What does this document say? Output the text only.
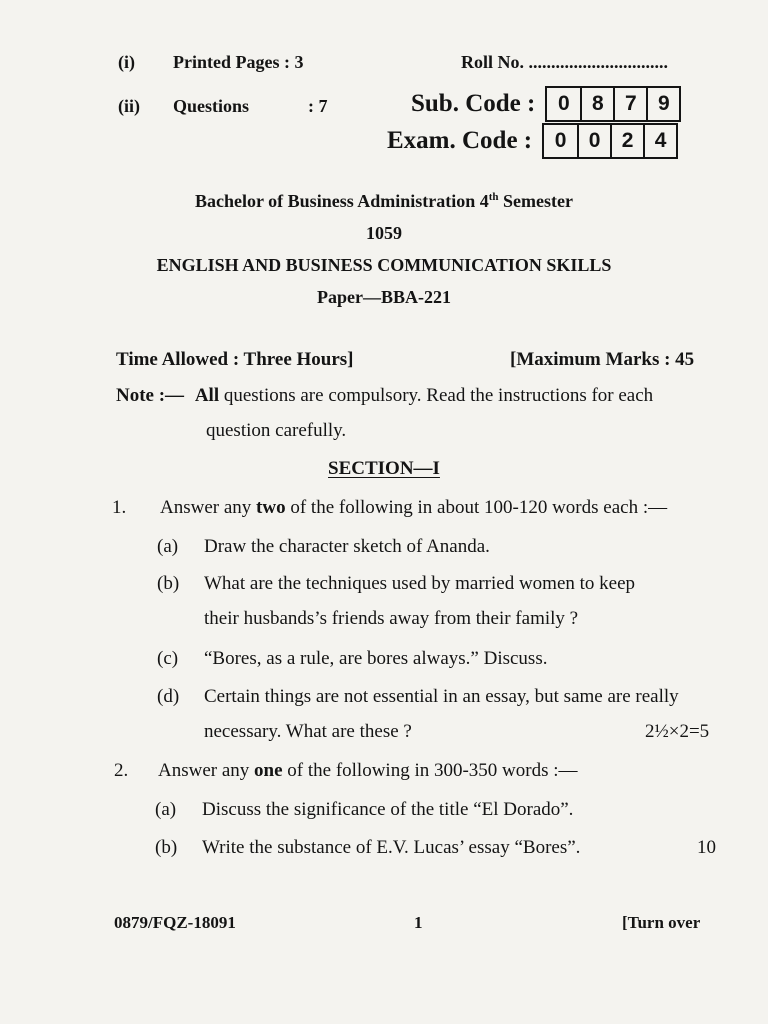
(i) Printed Pages : 3	Roll No. ...............................
(ii) Questions	: 7	Sub. Code :	0	8	7	9
Exam. Code :	0	0	2	4
Bachelor of Business Administration 4th Semester
1059
ENGLISH AND BUSINESS COMMUNICATION SKILLS
Paper—BBA-221
Time Allowed : Three Hours]	[Maximum Marks : 45
Note :— All questions are compulsory. Read the instructions for each
question carefully.
SECTION—I
1. Answer any two of the following in about 100-120 words each :—
(a) Draw the character sketch of Ananda.
(b) What are the techniques used by married women to keep
their husbands’s friends away from their family ?
(c) “Bores, as a rule, are bores always.” Discuss.
(d) Certain things are not essential in an essay, but same are really
necessary. What are these ?	2½×2=5
2. Answer any one of the following in 300-350 words :—
(a) Discuss the significance of the title “El Dorado”.
(b) Write the substance of E.V. Lucas’ essay “Bores”.	10
0879/FQZ-18091	1	[Turn over
